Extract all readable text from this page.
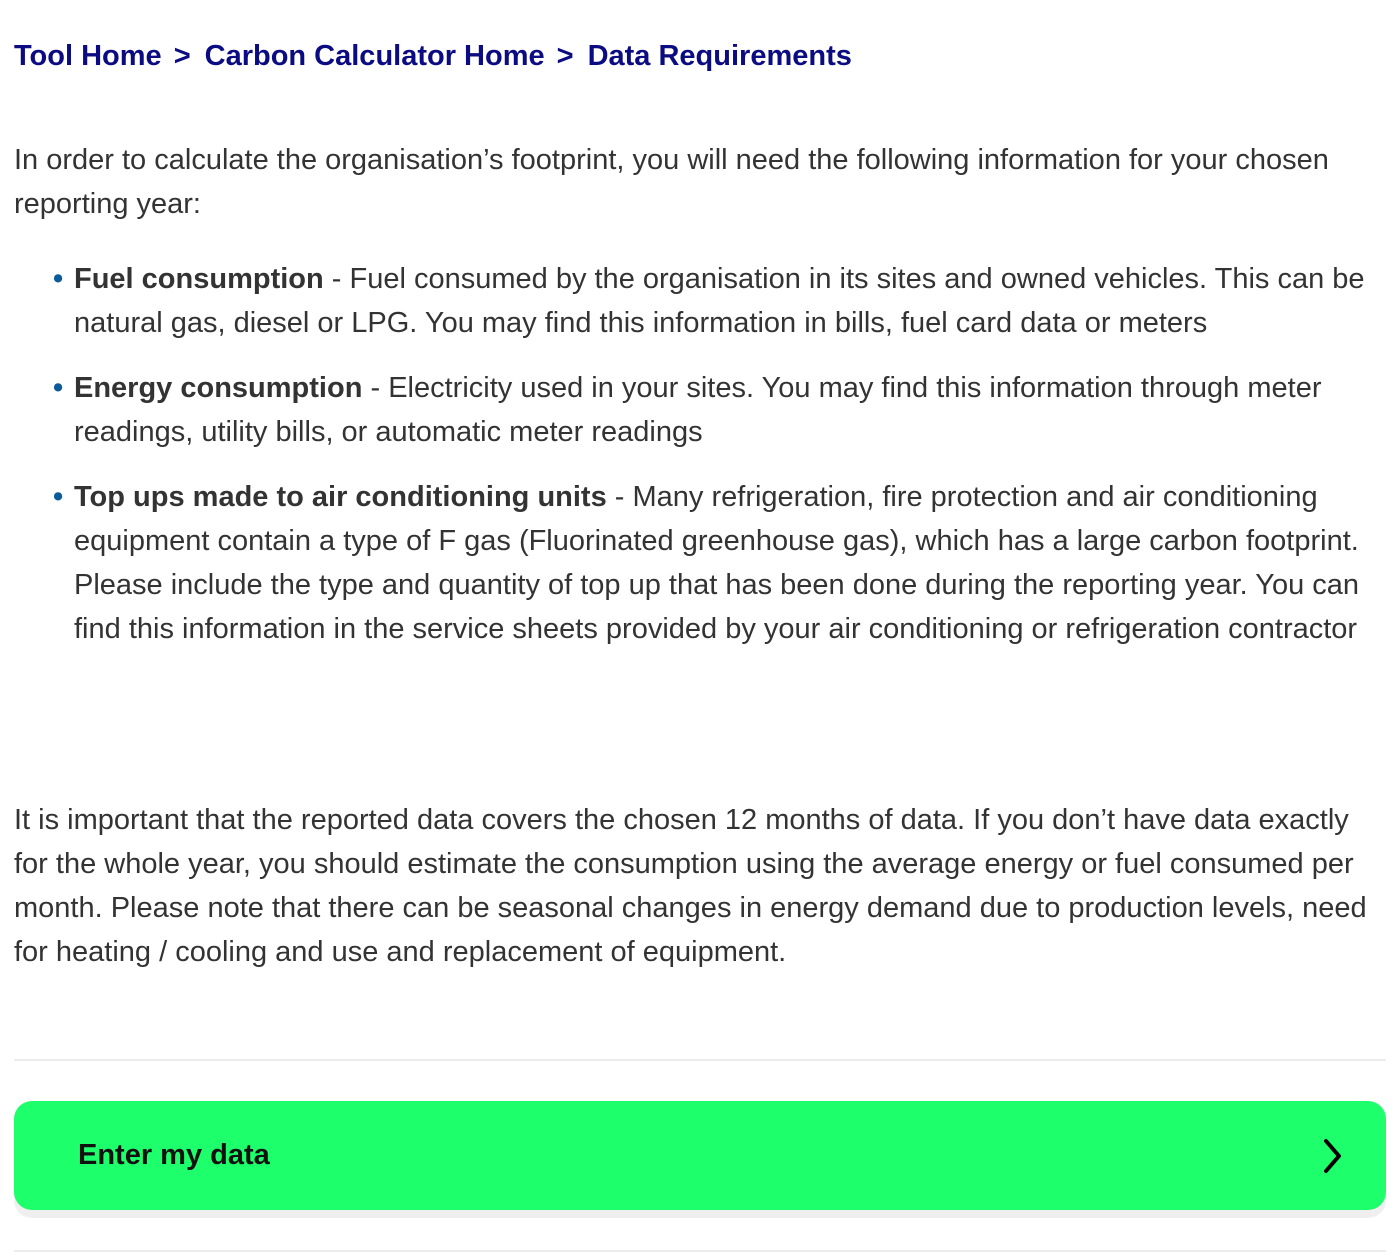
Tool Home > Carbon Calculator Home > Data Requirements

In order to calculate the organisation’s footprint, you will need the following information for your chosen reporting year:

• Fuel consumption - Fuel consumed by the organisation in its sites and owned vehicles. This can be natural gas, diesel or LPG. You may find this information in bills, fuel card data or meters
• Energy consumption - Electricity used in your sites. You may find this information through meter readings, utility bills, or automatic meter readings
• Top ups made to air conditioning units - Many refrigeration, fire protection and air conditioning equipment contain a type of F gas (Fluorinated greenhouse gas), which has a large carbon footprint. Please include the type and quantity of top up that has been done during the reporting year. You can find this information in the service sheets provided by your air conditioning or refrigeration contractor

It is important that the reported data covers the chosen 12 months of data. If you don’t have data exactly for the whole year, you should estimate the consumption using the average energy or fuel consumed per month. Please note that there can be seasonal changes in energy demand due to production levels, need for heating / cooling and use and replacement of equipment.

Enter my data
